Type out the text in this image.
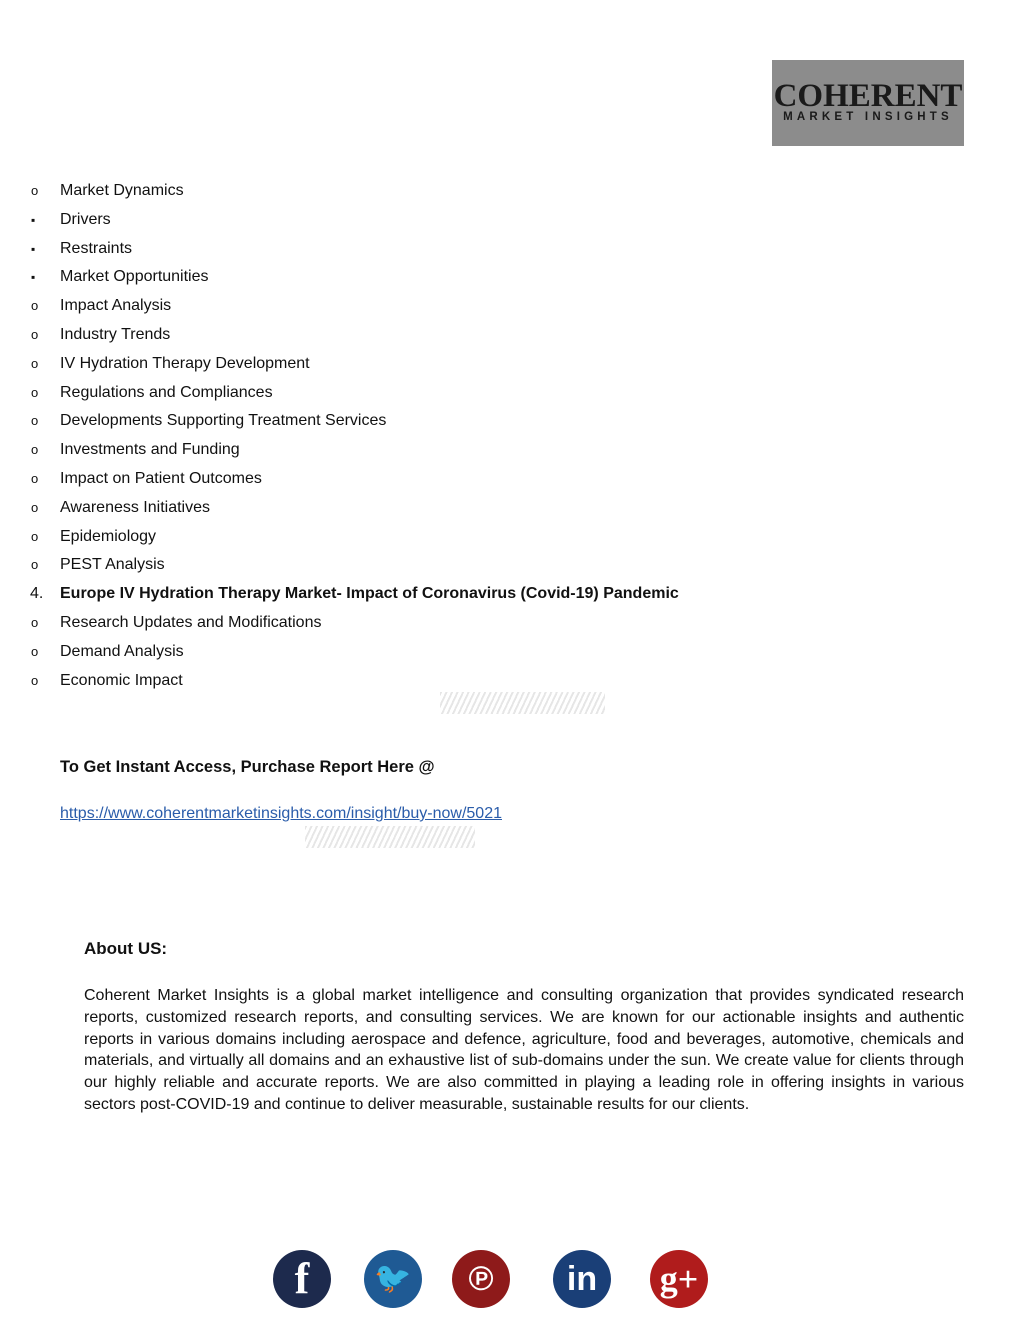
COHERENT
MARKET INSIGHTS
o Market Dynamics
▪ Drivers
▪ Restraints
▪ Market Opportunities
o Impact Analysis
o Industry Trends
o IV Hydration Therapy Development
o Regulations and Compliances
o Developments Supporting Treatment Services
o Investments and Funding
o Impact on Patient Outcomes
o Awareness Initiatives
o Epidemiology
o PEST Analysis
4. Europe IV Hydration Therapy Market- Impact of Coronavirus (Covid-19) Pandemic
o Research Updates and Modifications
o Demand Analysis
o Economic Impact
To Get Instant Access, Purchase Report Here @
https://www.coherentmarketinsights.com/insight/buy-now/5021
About US:

Coherent Market Insights is a global market intelligence and consulting organization that provides syndicated research reports, customized research reports, and consulting services. We are known for our actionable insights and authentic reports in various domains including aerospace and defence, agriculture, food and beverages, automotive, chemicals and materials, and virtually all domains and an exhaustive list of sub-domains under the sun. We create value for clients through our highly reliable and accurate reports. We are also committed in playing a leading role in offering insights in various sectors post-COVID-19 and continue to deliver measurable, sustainable results for our clients.

f	🐦	℗	in	g+
